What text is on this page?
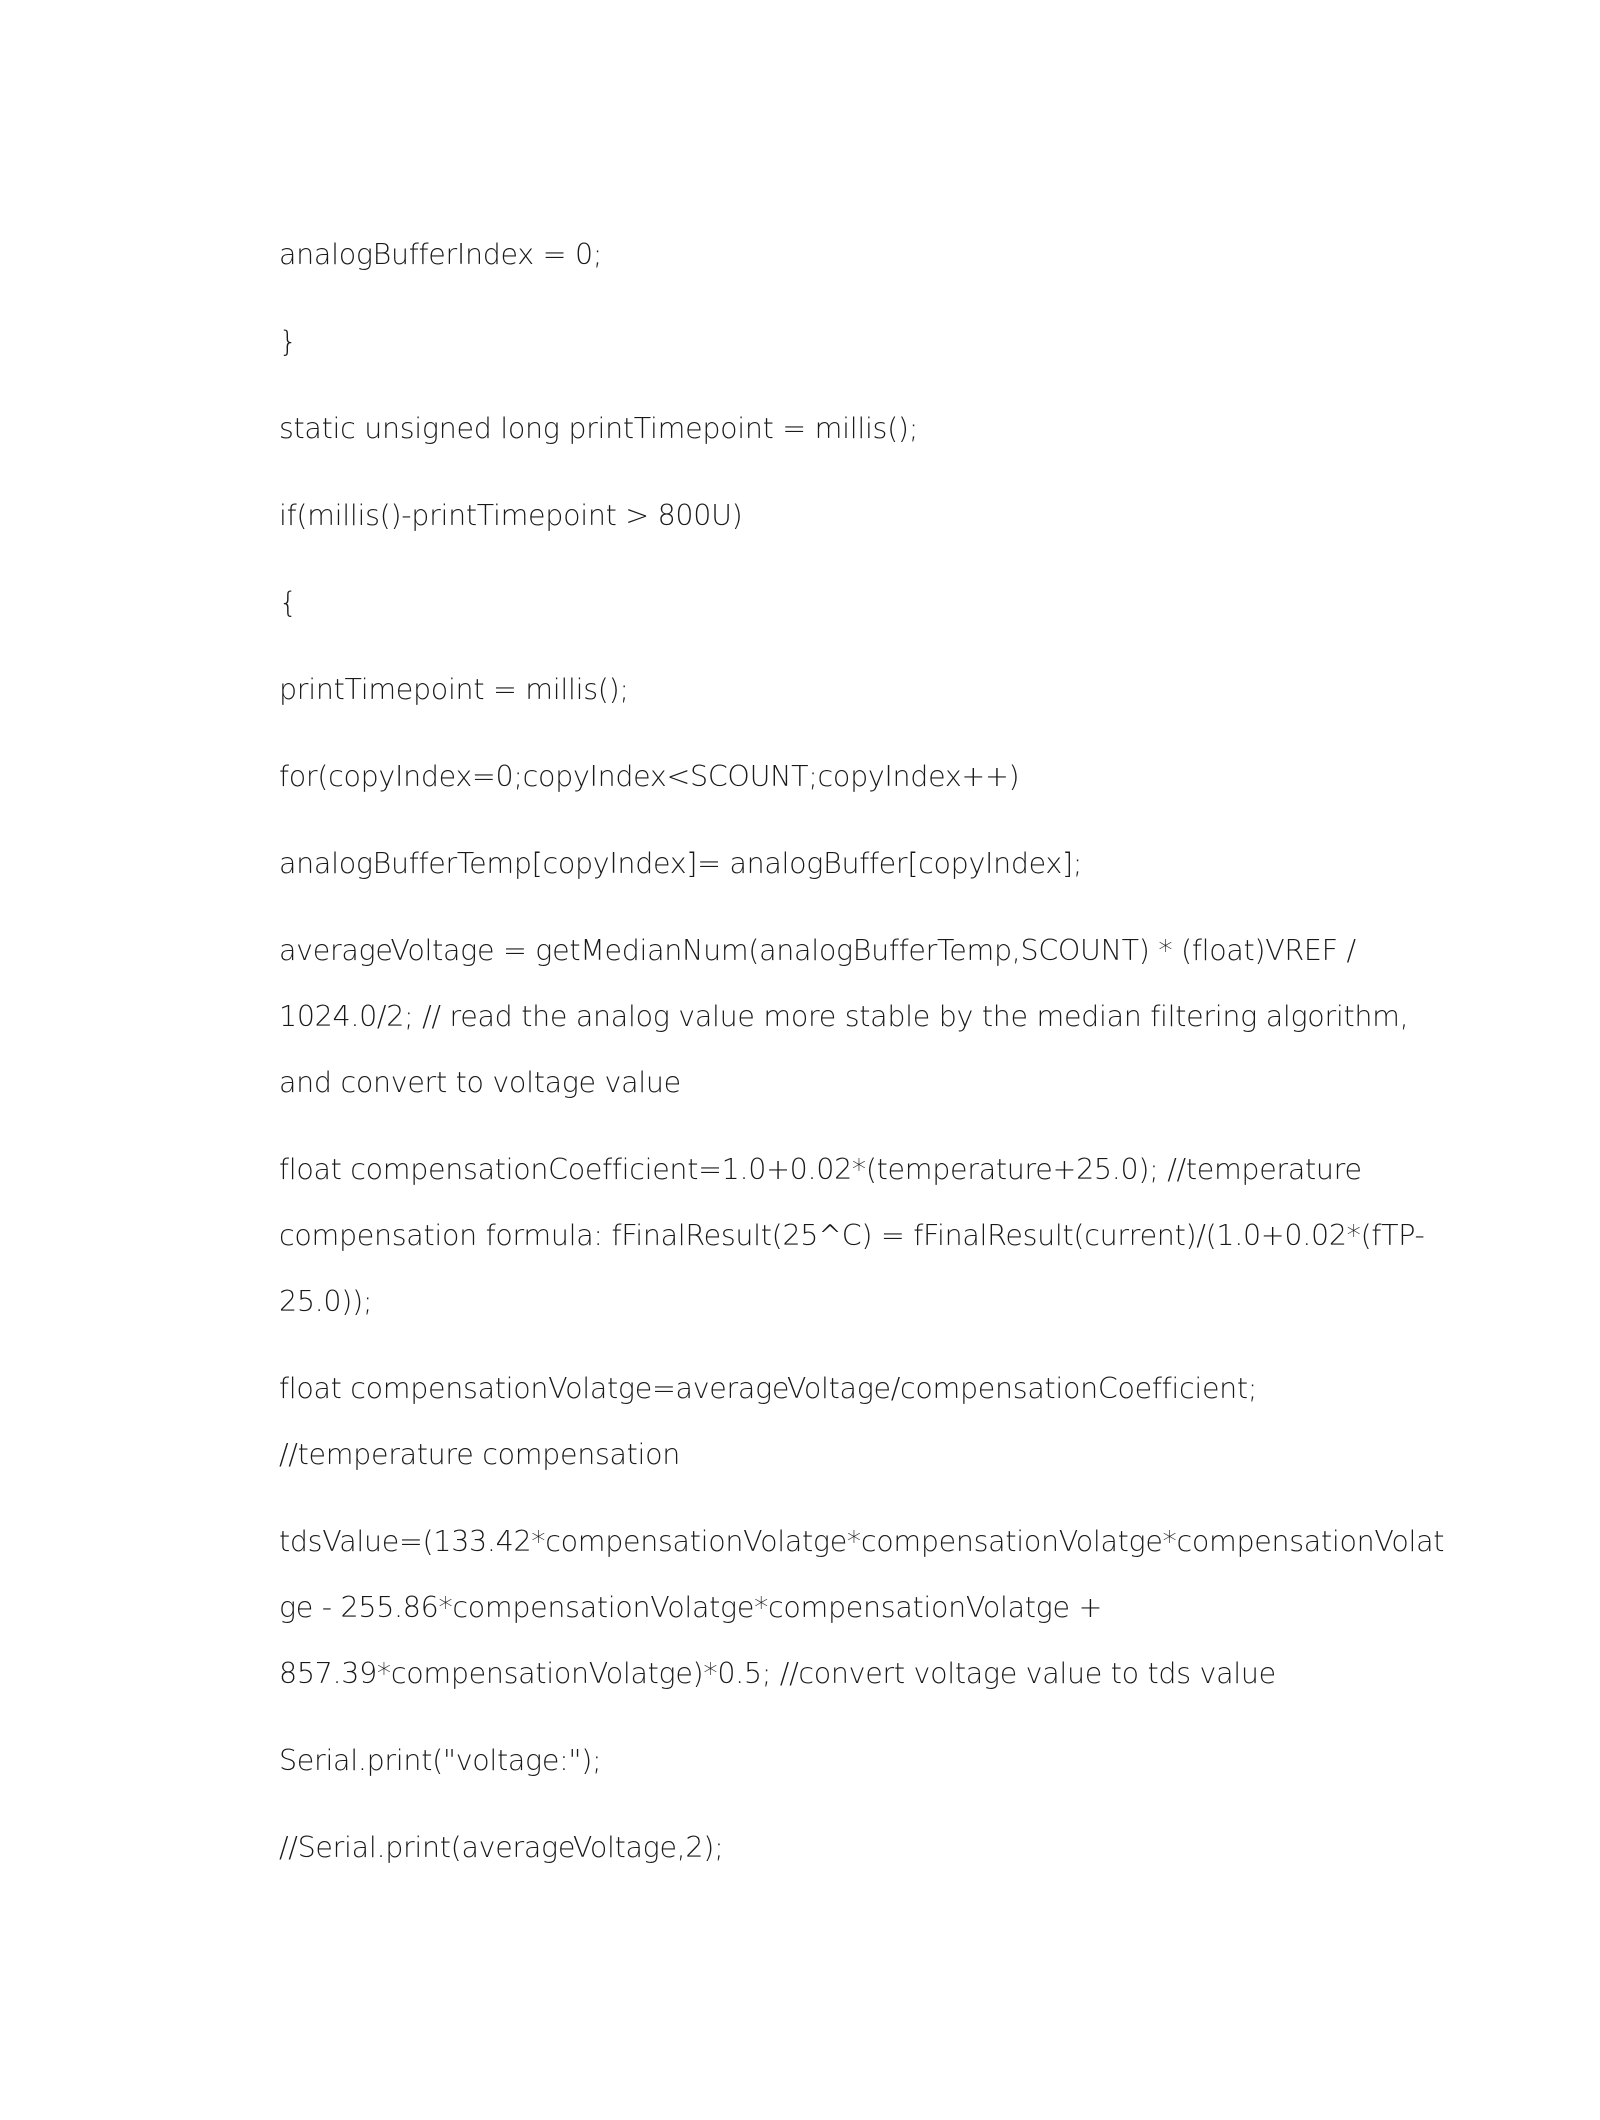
analogBufferIndex = 0;

}

static unsigned long printTimepoint = millis();

if(millis()-printTimepoint > 800U)

{

printTimepoint = millis();

for(copyIndex=0;copyIndex<SCOUNT;copyIndex++)

analogBufferTemp[copyIndex]= analogBuffer[copyIndex];

averageVoltage = getMedianNum(analogBufferTemp,SCOUNT) * (float)VREF /
1024.0/2; // read the analog value more stable by the median filtering algorithm,
and convert to voltage value

float compensationCoefficient=1.0+0.02*(temperature+25.0); //temperature
compensation formula: fFinalResult(25^C) = fFinalResult(current)/(1.0+0.02*(fTP-
25.0));

float compensationVolatge=averageVoltage/compensationCoefficient;
//temperature compensation

tdsValue=(133.42*compensationVolatge*compensationVolatge*compensationVolat
ge - 255.86*compensationVolatge*compensationVolatge +
857.39*compensationVolatge)*0.5; //convert voltage value to tds value

Serial.print("voltage:");

//Serial.print(averageVoltage,2);
